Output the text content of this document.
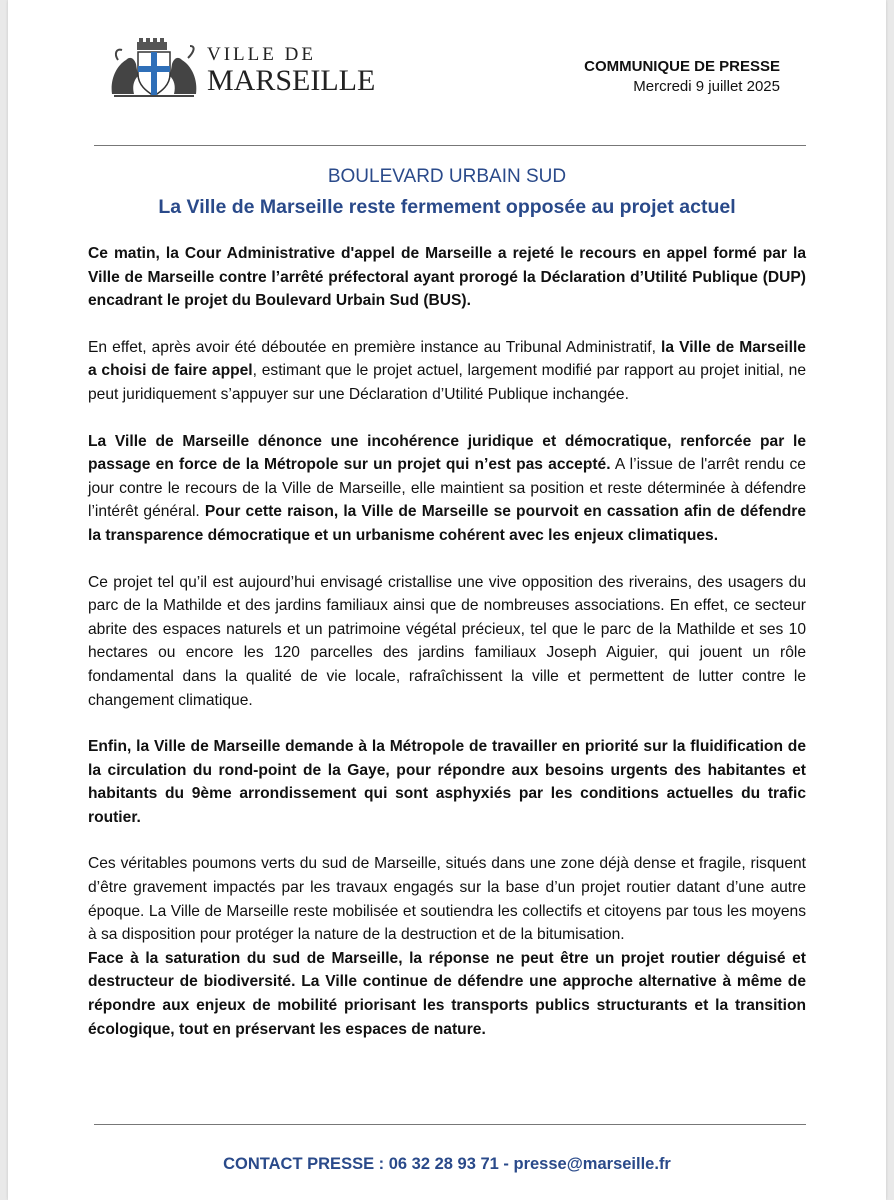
VILLE DE
MARSEILLE	COMMUNIQUE DE PRESSE
Mercredi 9 juillet 2025
BOULEVARD URBAIN SUD
La Ville de Marseille reste fermement opposée au projet actuel

Ce matin, la Cour Administrative d'appel de Marseille a rejeté le recours en appel formé par la Ville de Marseille contre l’arrêté préfectoral ayant prorogé la Déclaration d’Utilité Publique (DUP) encadrant le projet du Boulevard Urbain Sud (BUS).

En effet, après avoir été déboutée en première instance au Tribunal Administratif, la Ville de Marseille a choisi de faire appel, estimant que le projet actuel, largement modifié par rapport au projet initial, ne peut juridiquement s’appuyer sur une Déclaration d’Utilité Publique inchangée.

La Ville de Marseille dénonce une incohérence juridique et démocratique, renforcée par le passage en force de la Métropole sur un projet qui n’est pas accepté. A l’issue de l'arrêt rendu ce jour contre le recours de la Ville de Marseille, elle maintient sa position et reste déterminée à défendre l’intérêt général. Pour cette raison, la Ville de Marseille se pourvoit en cassation afin de défendre la transparence démocratique et un urbanisme cohérent avec les enjeux climatiques.

Ce projet tel qu’il est aujourd’hui envisagé cristallise une vive opposition des riverains, des usagers du parc de la Mathilde et des jardins familiaux ainsi que de nombreuses associations. En effet, ce secteur abrite des espaces naturels et un patrimoine végétal précieux, tel que le parc de la Mathilde et ses 10 hectares ou encore les 120 parcelles des jardins familiaux Joseph Aiguier, qui jouent un rôle fondamental dans la qualité de vie locale, rafraîchissent la ville et permettent de lutter contre le changement climatique.

Enfin, la Ville de Marseille demande à la Métropole de travailler en priorité sur la fluidification de la circulation du rond-point de la Gaye, pour répondre aux besoins urgents des habitantes et habitants du 9ème arrondissement qui sont asphyxiés par les conditions actuelles du trafic routier.

Ces véritables poumons verts du sud de Marseille, situés dans une zone déjà dense et fragile, risquent d’être gravement impactés par les travaux engagés sur la base d’un projet routier datant d’une autre époque. La Ville de Marseille reste mobilisée et soutiendra les collectifs et citoyens par tous les moyens à sa disposition pour protéger la nature de la destruction et de la bitumisation.

Face à la saturation du sud de Marseille, la réponse ne peut être un projet routier déguisé et destructeur de biodiversité. La Ville continue de défendre une approche alternative à même de répondre aux enjeux de mobilité priorisant les transports publics structurants et la transition écologique, tout en préservant les espaces de nature.

CONTACT PRESSE : 06 32 28 93 71 - presse@marseille.fr
